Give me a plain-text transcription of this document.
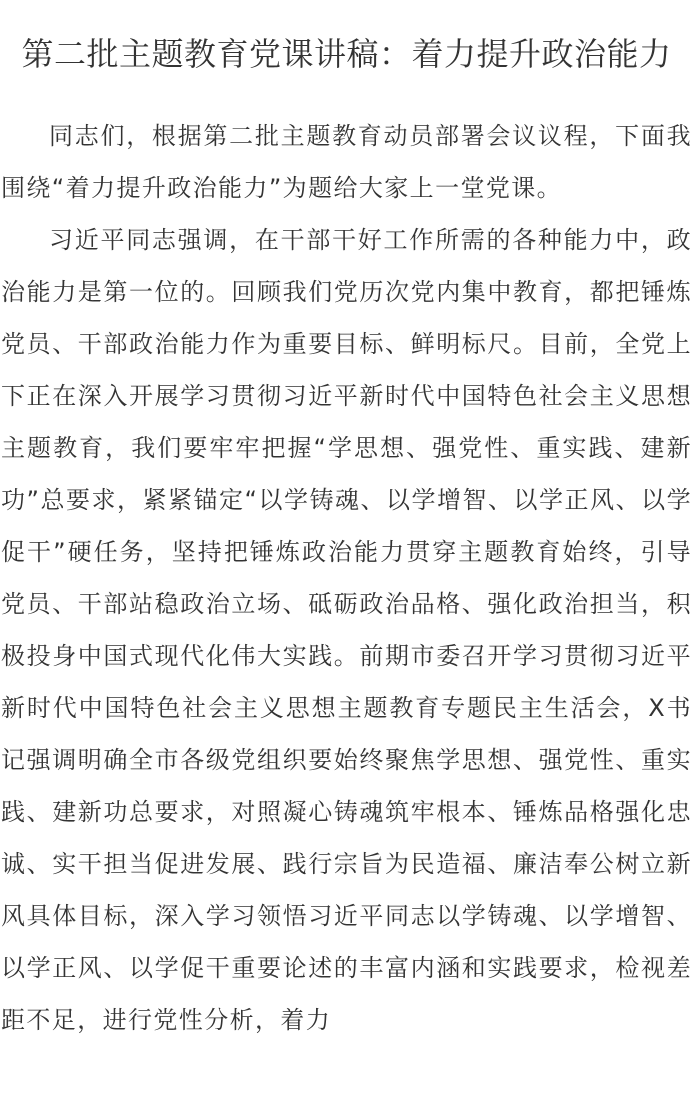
第二批主题教育党课讲稿：着力提升政治能力

同志们，根据第二批主题教育动员部署会议议程，下面我围绕“着力提升政治能力”为题给大家上一堂党课。

习近平同志强调，在干部干好工作所需的各种能力中，政治能力是第一位的。回顾我们党历次党内集中教育，都把锤炼党员、干部政治能力作为重要目标、鲜明标尺。目前，全党上下正在深入开展学习贯彻习近平新时代中国特色社会主义思想主题教育，我们要牢牢把握“学思想、强党性、重实践、建新功”总要求，紧紧锚定“以学铸魂、以学增智、以学正风、以学促干”硬任务，坚持把锤炼政治能力贯穿主题教育始终，引导党员、干部站稳政治立场、砥砺政治品格、强化政治担当，积极投身中国式现代化伟大实践。前期市委召开学习贯彻习近平新时代中国特色社会主义思想主题教育专题民主生活会，X书记强调明确全市各级党组织要始终聚焦学思想、强党性、重实践、建新功总要求，对照凝心铸魂筑牢根本、锤炼品格强化忠诚、实干担当促进发展、践行宗旨为民造福、廉洁奉公树立新风具体目标，深入学习领悟习近平同志以学铸魂、以学增智、以学正风、以学促干重要论述的丰富内涵和实践要求，检视差距不足，进行党性分析，着力
